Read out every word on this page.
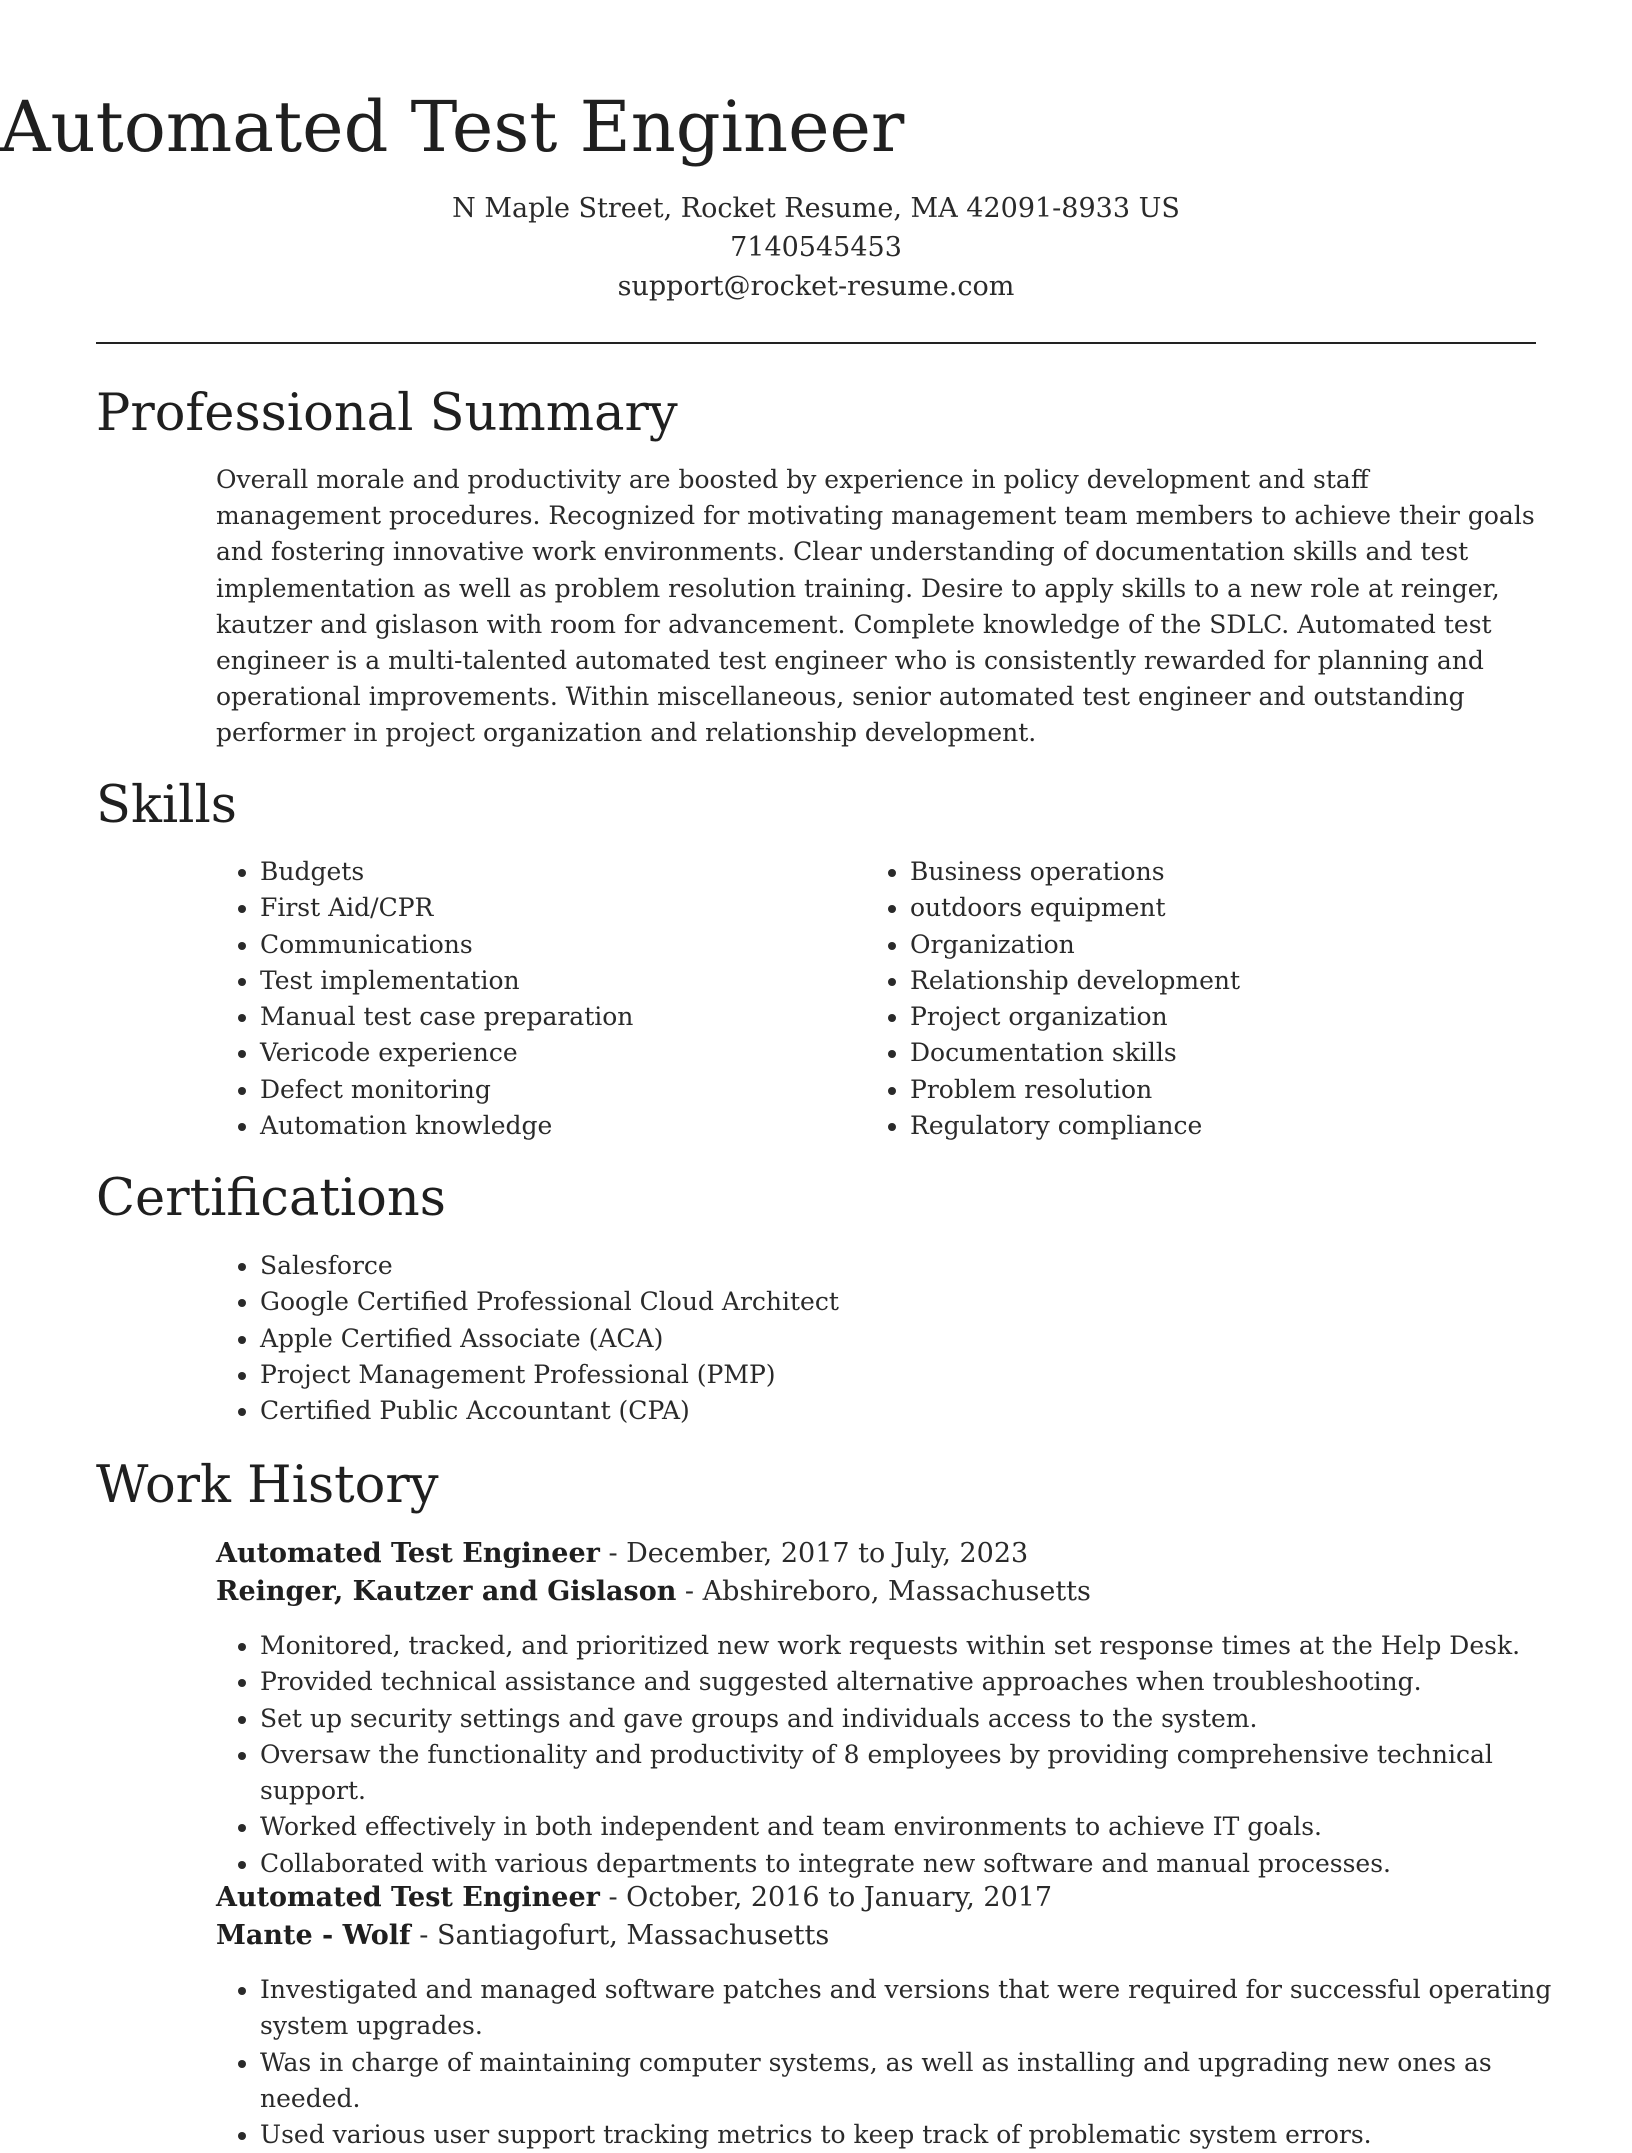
Automated Test Engineer
N Maple Street, Rocket Resume, MA 42091-8933 US
7140545453
support@rocket-resume.com
Professional Summary

Overall morale and productivity are boosted by experience in policy development and staff management procedures. Recognized for motivating management team members to achieve their goals and fostering innovative work environments. Clear understanding of documentation skills and test implementation as well as problem resolution training. Desire to apply skills to a new role at reinger, kautzer and gislason with room for advancement. Complete knowledge of the SDLC. Automated test engineer is a multi-talented automated test engineer who is consistently rewarded for planning and operational improvements. Within miscellaneous, senior automated test engineer and outstanding performer in project organization and relationship development.

Skills
• Budgets
• First Aid/CPR
• Communications
• Test implementation
• Manual test case preparation
• Vericode experience
• Defect monitoring
• Automation knowledge
• Business operations
• outdoors equipment
• Organization
• Relationship development
• Project organization
• Documentation skills
• Problem resolution
• Regulatory compliance
Certifications
• Salesforce
• Google Certified Professional Cloud Architect
• Apple Certified Associate (ACA)
• Project Management Professional (PMP)
• Certified Public Accountant (CPA)
Work History
Automated Test Engineer - December, 2017 to July, 2023
Reinger, Kautzer and Gislason - Abshireboro, Massachusetts
• Monitored, tracked, and prioritized new work requests within set response times at the Help Desk.
• Provided technical assistance and suggested alternative approaches when troubleshooting.
• Set up security settings and gave groups and individuals access to the system.
• Oversaw the functionality and productivity of 8 employees by providing comprehensive technical support.
• Worked effectively in both independent and team environments to achieve IT goals.
• Collaborated with various departments to integrate new software and manual processes.
Automated Test Engineer - October, 2016 to January, 2017
Mante - Wolf - Santiagofurt, Massachusetts
• Investigated and managed software patches and versions that were required for successful operating system upgrades.
• Was in charge of maintaining computer systems, as well as installing and upgrading new ones as needed.
• Used various user support tracking metrics to keep track of problematic system errors.
